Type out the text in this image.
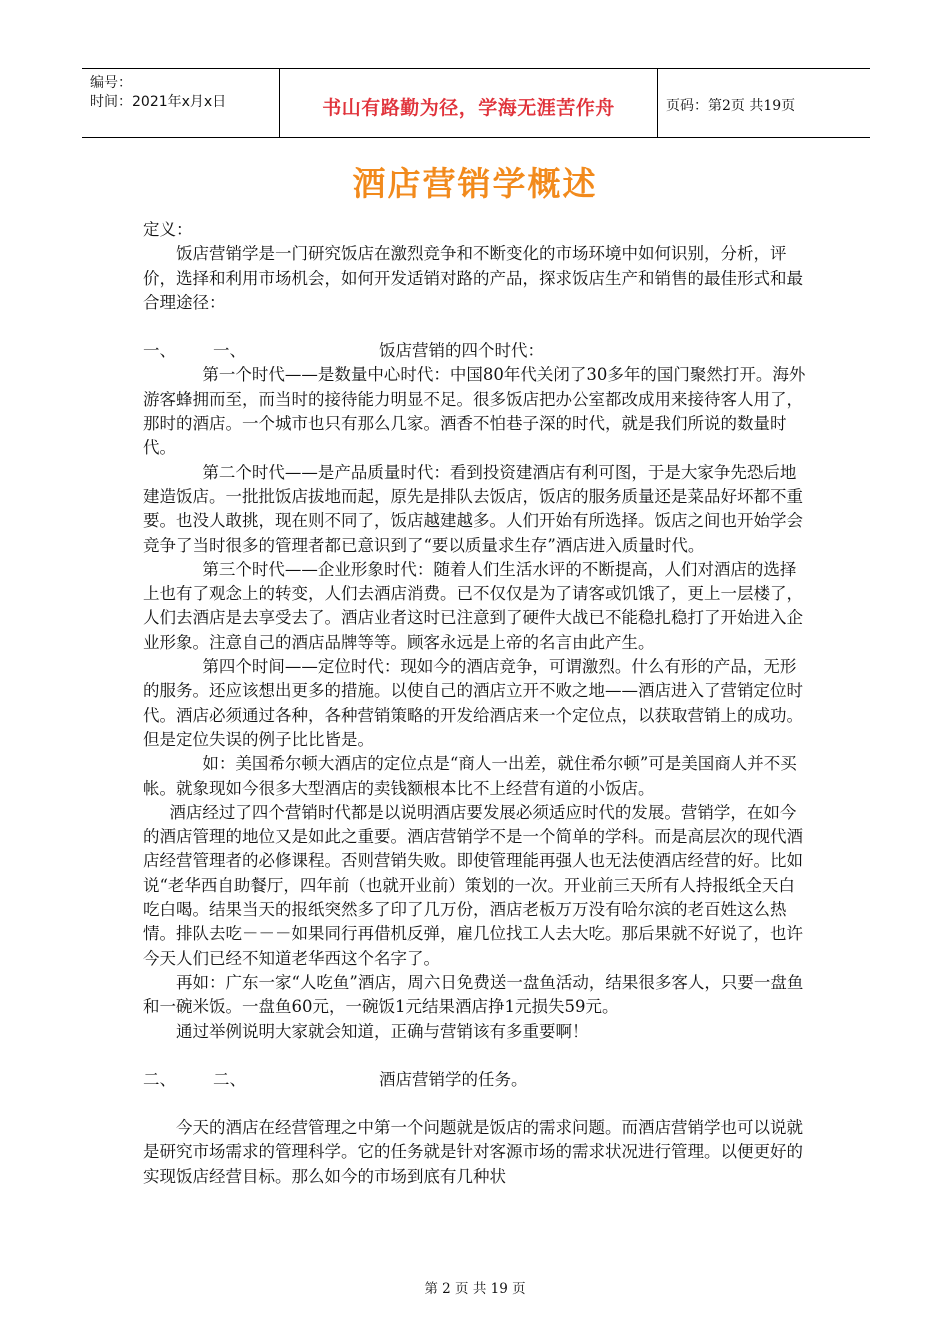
编号：
时间：2021年x月x日	书山有路勤为径，学海无涯苦作舟	页码：第2页 共19页
酒店营销学概述

定义：

饭店营销学是一门研究饭店在激烈竞争和不断变化的市场环境中如何识别，分析，评价，选择和利用市场机会，如何开发适销对路的产品，探求饭店生产和销售的最佳形式和最合理途径：

一、 一、	饭店营销的四个时代：

第一个时代——是数量中心时代：中国80年代关闭了30多年的国门聚然打开。海外游客蜂拥而至，而当时的接待能力明显不足。很多饭店把办公室都改成用来接待客人用了，那时的酒店。一个城市也只有那么几家。酒香不怕巷子深的时代，就是我们所说的数量时代。

第二个时代——是产品质量时代：看到投资建酒店有利可图，于是大家争先恐后地建造饭店。一批批饭店拔地而起，原先是排队去饭店，饭店的服务质量还是菜品好坏都不重要。也没人敢挑，现在则不同了，饭店越建越多。人们开始有所选择。饭店之间也开始学会竞争了当时很多的管理者都已意识到了“要以质量求生存”酒店进入质量时代。

第三个时代——企业形象时代：随着人们生活水评的不断提高，人们对酒店的选择上也有了观念上的转变，人们去酒店消费。已不仅仅是为了请客或饥饿了，更上一层楼了，人们去酒店是去享受去了。酒店业者这时已注意到了硬件大战已不能稳扎稳打了开始进入企业形象。注意自己的酒店品牌等等。顾客永远是上帝的名言由此产生。

第四个时间——定位时代：现如今的酒店竞争，可谓激烈。什么有形的产品，无形的服务。还应该想出更多的措施。以使自己的酒店立开不败之地——酒店进入了营销定位时代。酒店必须通过各种，各种营销策略的开发给酒店来一个定位点，以获取营销上的成功。但是定位失误的例子比比皆是。

如：美国希尔顿大酒店的定位点是“商人一出差，就住希尔顿”可是美国商人并不买帐。就象现如今很多大型酒店的卖钱额根本比不上经营有道的小饭店。

酒店经过了四个营销时代都是以说明酒店要发展必须适应时代的发展。营销学，在如今的酒店管理的地位又是如此之重要。酒店营销学不是一个简单的学科。而是高层次的现代酒店经营管理者的必修课程。否则营销失败。即使管理能再强人也无法使酒店经营的好。比如说“老华西自助餐厅，四年前（也就开业前）策划的一次。开业前三天所有人持报纸全天白吃白喝。结果当天的报纸突然多了印了几万份，酒店老板万万没有哈尔滨的老百姓这么热情。排队去吃－－－如果同行再借机反弹，雇几位找工人去大吃。那后果就不好说了，也许今天人们已经不知道老华西这个名字了。

再如：广东一家“人吃鱼”酒店，周六日免费送一盘鱼活动，结果很多客人，只要一盘鱼和一碗米饭。一盘鱼60元，一碗饭1元结果酒店挣1元损失59元。

通过举例说明大家就会知道，正确与营销该有多重要啊！

二、 二、	酒店营销学的任务。

今天的酒店在经营管理之中第一个问题就是饭店的需求问题。而酒店营销学也可以说就是研究市场需求的管理科学。它的任务就是针对客源市场的需求状况进行管理。以便更好的实现饭店经营目标。那么如今的市场到底有几种状

第 2 页 共 19 页
